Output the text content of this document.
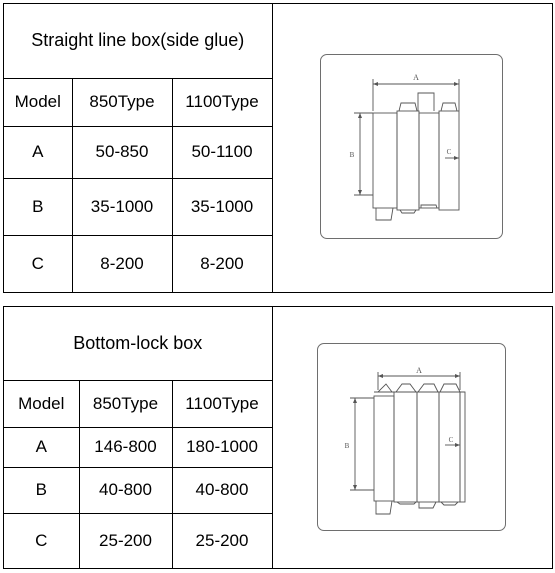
Straight line box(side glue)		
Model	850Type	1100Type
A	50-850	50-1100
B	35-1000	35-1000
C	8-200	8-200
A
B	C
Bottom-lock box		
Model	850Type	1100Type
A	146-800	180-1000
B	40-800	40-800
C	25-200	25-200
A
B
C
